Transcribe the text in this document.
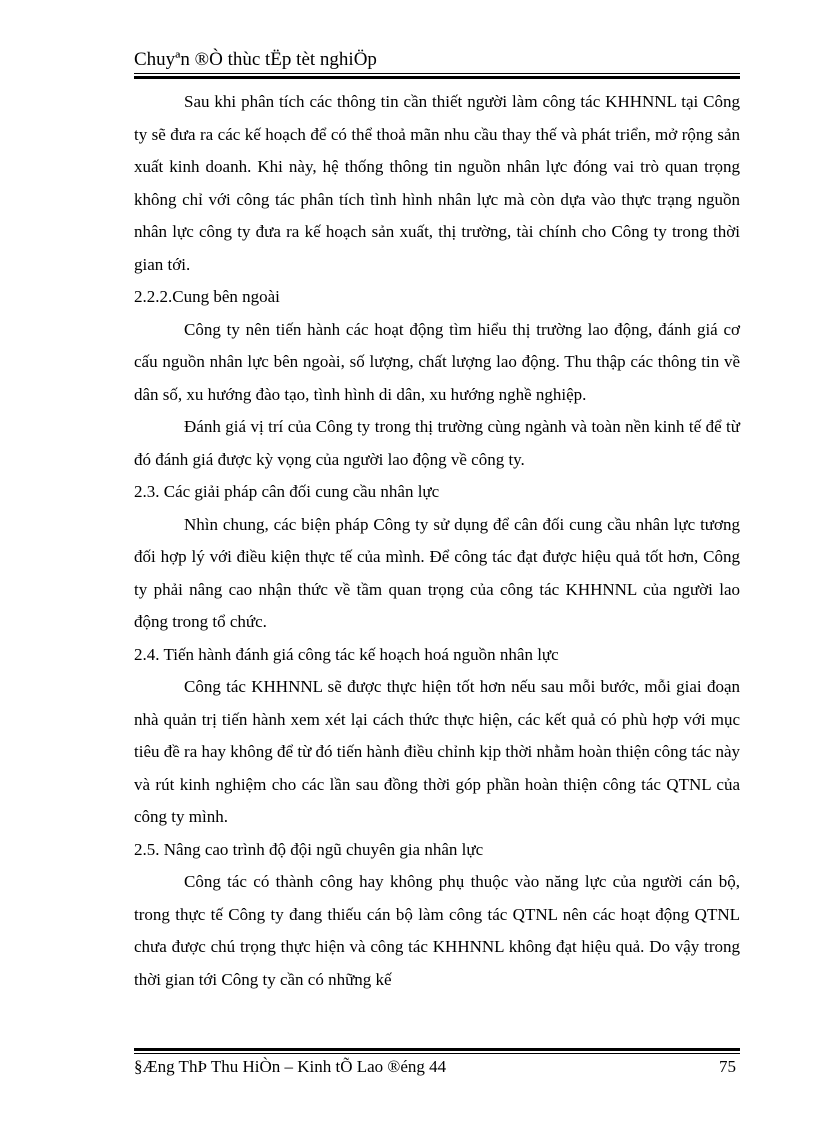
Chuyªn ®Ò thùc tËp tèt nghiÖp

Sau khi phân tích các thông tin cần thiết người làm công tác KHHNNL tại Công ty sẽ đưa ra các kế hoạch để có thể thoả mãn nhu cầu thay thế và phát triển, mở rộng sản xuất kinh doanh. Khi này, hệ thống thông tin nguồn nhân lực đóng vai trò quan trọng không chỉ với công tác phân tích tình hình nhân lực mà còn dựa vào thực trạng nguồn nhân lực công ty đưa ra kế hoạch sản xuất, thị trường, tài chính cho Công ty trong thời gian tới.

2.2.2.Cung bên ngoài

Công ty nên tiến hành các hoạt động tìm hiểu thị trường lao động, đánh giá cơ cấu nguồn nhân lực bên ngoài, số lượng, chất lượng lao động. Thu thập các thông tin về dân số, xu hướng đào tạo, tình hình di dân, xu hướng nghề nghiệp.

Đánh giá vị trí của Công ty trong thị trường cùng ngành và toàn nền kinh tế để từ đó đánh giá được kỳ vọng của người lao động về công ty.

2.3. Các giải pháp cân đối cung cầu nhân lực

Nhìn chung, các biện pháp Công ty sử dụng để cân đối cung cầu nhân lực tương đối hợp lý với điều kiện thực tế của mình. Để công tác đạt được hiệu quả tốt hơn, Công ty phải nâng cao nhận thức về tầm quan trọng của công tác KHHNNL của người lao động trong tổ chức.

2.4. Tiến hành đánh giá công tác kế hoạch hoá nguồn nhân lực

Công tác KHHNNL sẽ được thực hiện tốt hơn nếu sau mỗi bước, mỗi giai đoạn nhà quản trị tiến hành xem xét lại cách thức thực hiện, các kết quả có phù hợp với mục tiêu đề ra hay không để từ đó tiến hành điều chỉnh kịp thời nhằm hoàn thiện công tác này và rút kinh nghiệm cho các lần sau đồng thời góp phần hoàn thiện công tác QTNL của công ty mình.

2.5. Nâng cao trình độ đội ngũ chuyên gia nhân lực

Công tác có thành công hay không phụ thuộc vào năng lực của người cán bộ, trong thực tế Công ty đang thiếu cán bộ làm công tác QTNL nên các hoạt động QTNL chưa được chú trọng thực hiện và công tác KHHNNL không đạt hiệu quả. Do vậy trong thời gian tới Công ty cần có những kế

§Æng ThÞ Thu HiÒn – Kinh tÕ Lao ®éng 44	75
